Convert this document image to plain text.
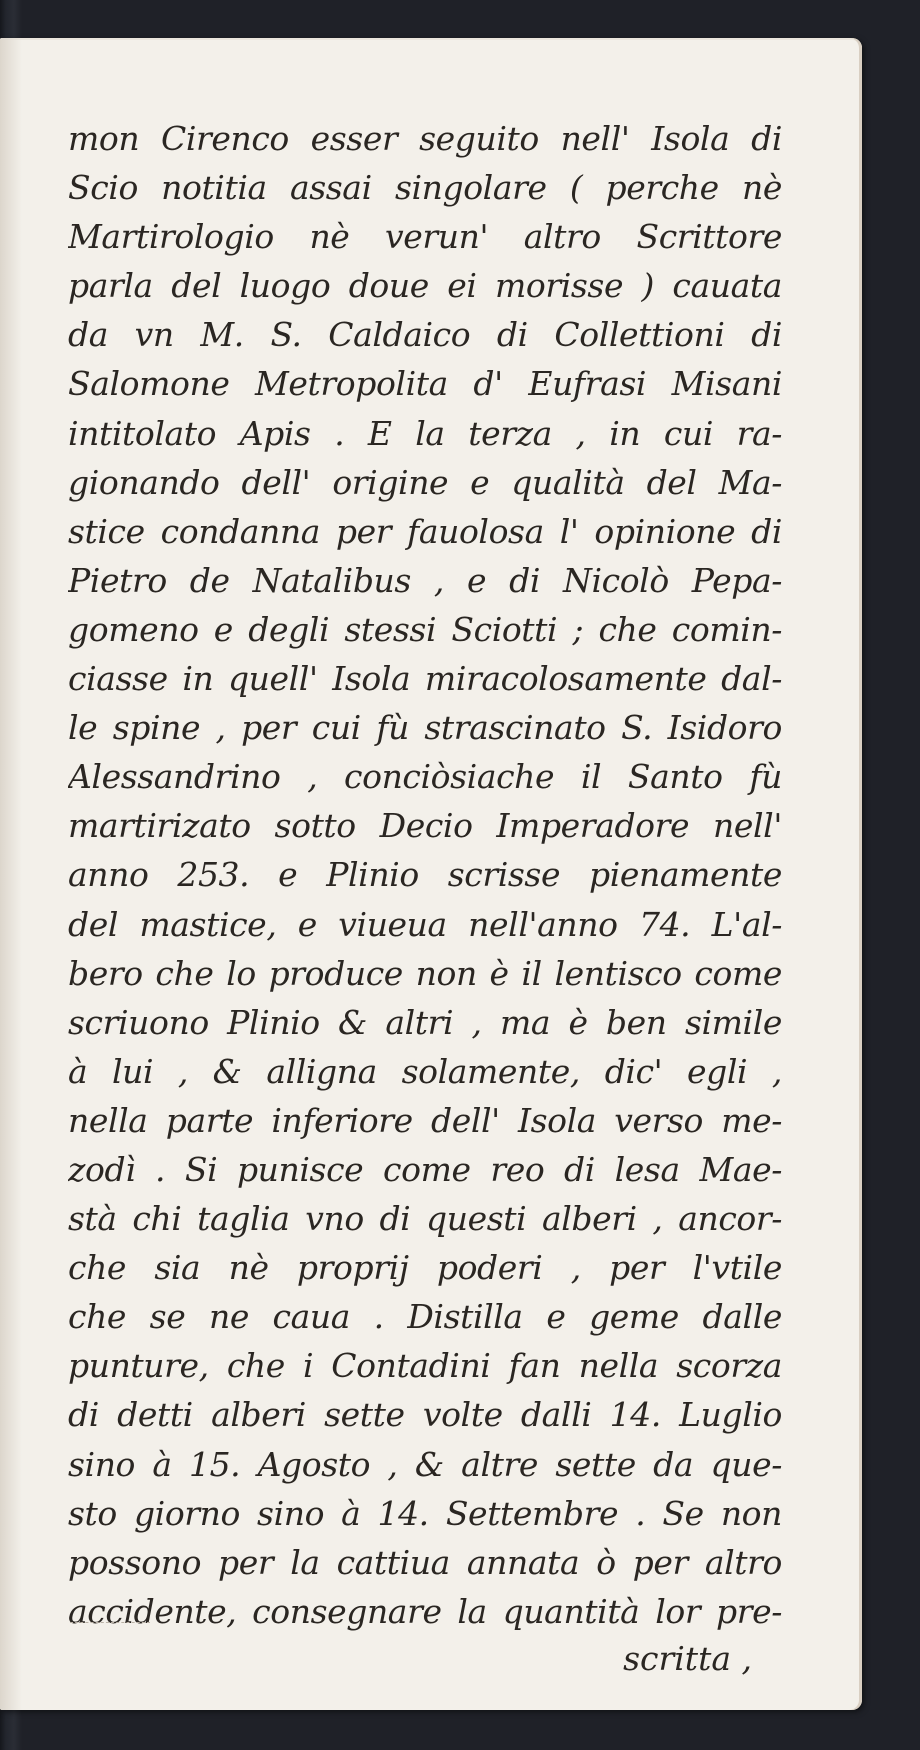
mon Cirenco esser seguito nell' Isola di
Scio notitia assai singolare ( perche nè
Martirologio nè verun' altro Scrittore
parla del luogo doue ei morisse ) cauata
da vn M. S. Caldaico di Collettioni di
Salomone Metropolita d' Eufrasi Misani
intitolato Apis . E la terza , in cui ra-
gionando dell' origine e qualità del Ma-
stice condanna per fauolosa l' opinione di
Pietro de Natalibus , e di Nicolò Pepa-
gomeno e degli stessi Sciotti ; che comin-
ciasse in quell' Isola miracolosamente dal-
le spine , per cui fù strascinato S. Isidoro
Alessandrino , conciòsiache il Santo fù
martirizato sotto Decio Imperadore nell'
anno 253. e Plinio scrisse pienamente
del mastice, e viueua nell'anno 74. L'al-
bero che lo produce non è il lentisco come
scriuono Plinio & altri , ma è ben simile
à lui , & alligna solamente, dic' egli ,
nella parte inferiore dell' Isola verso me-
zodì . Si punisce come reo di lesa Mae-
stà chi taglia vno di questi alberi , ancor-
che sia nè proprij poderi , per l'vtile
che se ne caua . Distilla e geme dalle
punture, che i Contadini fan nella scorza
di detti alberi sette volte dalli 14. Luglio
sino à 15. Agosto , & altre sette da que-
sto giorno sino à 14. Settembre . Se non
possono per la cattiua annata ò per altro
accidente, consegnare la quantità lor pre-
scritta ,
